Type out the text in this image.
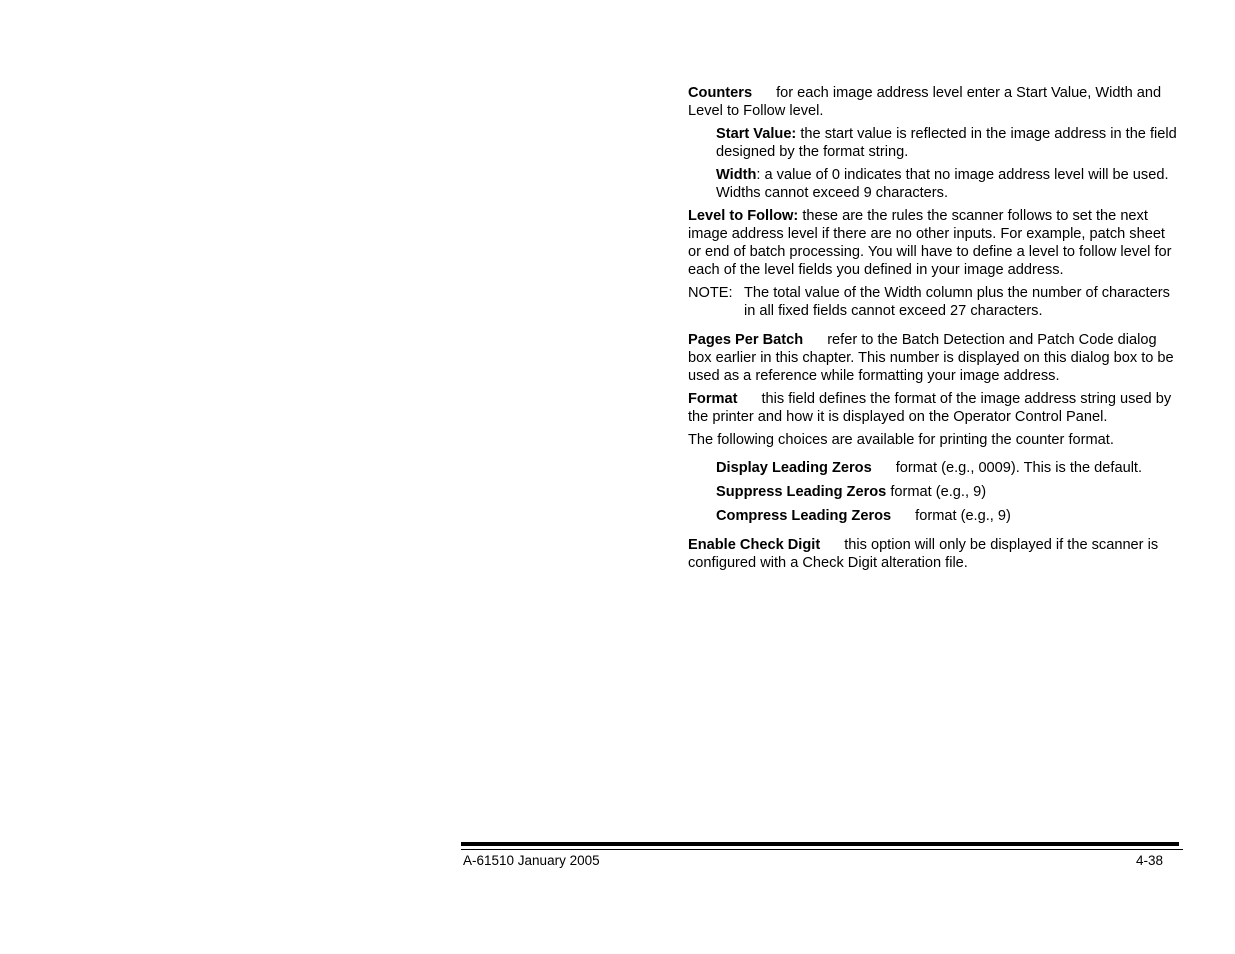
Counters for each image address level enter a Start Value, Width and Level to Follow level.

Start Value: the start value is reflected in the image address in the field designed by the format string.

Width: a value of 0 indicates that no image address level will be used. Widths cannot exceed 9 characters.

Level to Follow: these are the rules the scanner follows to set the next image address level if there are no other inputs. For example, patch sheet or end of batch processing. You will have to define a level to follow level for each of the level fields you defined in your image address.

NOTE: The total value of the Width column plus the number of characters in all fixed fields cannot exceed 27 characters.

Pages Per Batch refer to the Batch Detection and Patch Code dialog box earlier in this chapter. This number is displayed on this dialog box to be used as a reference while formatting your image address.

Format this field defines the format of the image address string used by the printer and how it is displayed on the Operator Control Panel.

The following choices are available for printing the counter format.

Display Leading Zeros format (e.g., 0009). This is the default.

Suppress Leading Zeros format (e.g., 9)

Compress Leading Zeros format (e.g., 9)

Enable Check Digit this option will only be displayed if the scanner is configured with a Check Digit alteration file.

A-61510 January 2005	4-38
